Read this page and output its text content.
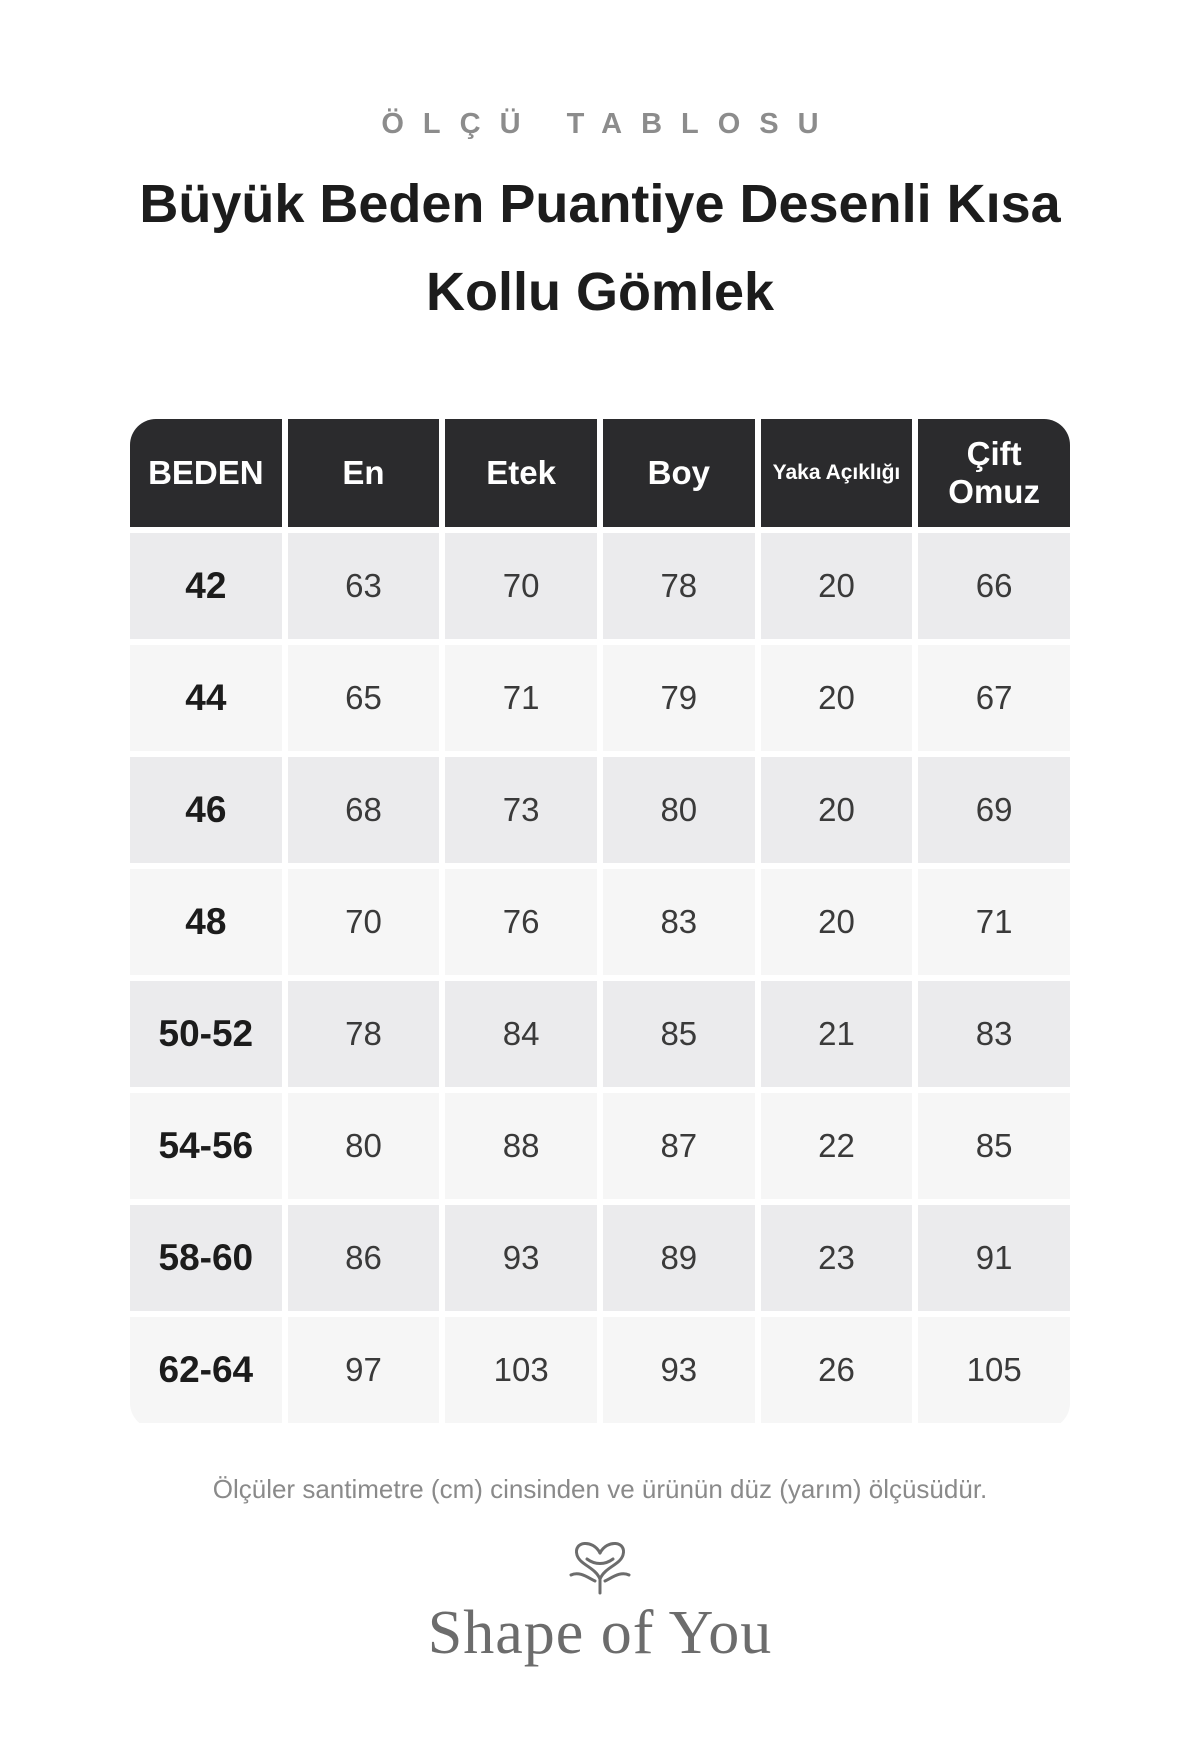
ÖLÇÜ TABLOSU
Büyük Beden Puantiye Desenli Kısa Kollu Gömlek
BEDEN	En	Etek	Boy	Yaka Açıklığı	Çift Omuz
42	63	70	78	20	66
44	65	71	79	20	67
46	68	73	80	20	69
48	70	76	83	20	71
50-52	78	84	85	21	83
54-56	80	88	87	22	85
58-60	86	93	89	23	91
62-64	97	103	93	26	105
Ölçüler santimetre (cm) cinsinden ve ürünün düz (yarım) ölçüsüdür.
Shape of You
